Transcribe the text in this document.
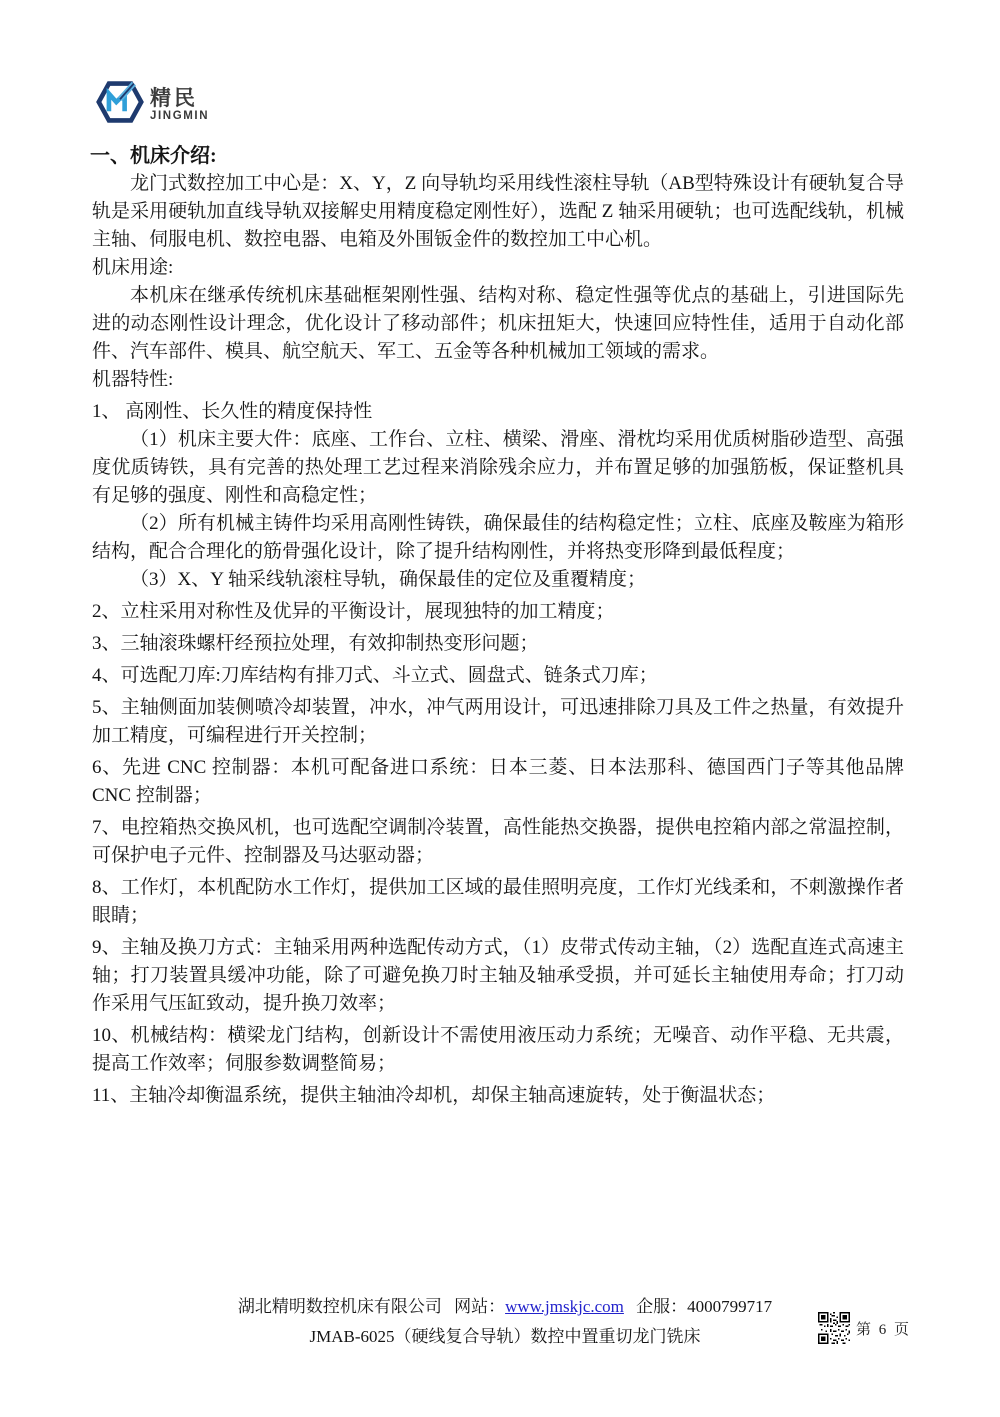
精民
JINGMIN
一、机床介绍:

龙门式数控加工中心是：X、Y，Z 向导轨均采用线性滚柱导轨（AB型特殊设计有硬轨复合导轨是采用硬轨加直线导轨双接解史用精度稳定刚性好），选配 Z 轴采用硬轨；也可选配线轨，机械主轴、伺服电机、数控电器、电箱及外围钣金件的数控加工中心机。

机床用途:

本机床在继承传统机床基础框架刚性强、结构对称、稳定性强等优点的基础上，引进国际先进的动态刚性设计理念，优化设计了移动部件；机床扭矩大，快速回应特性佳，适用于自动化部件、汽车部件、模具、航空航天、军工、五金等各种机械加工领域的需求。

机器特性:

1、 高刚性、长久性的精度保持性

（1）机床主要大件：底座、工作台、立柱、横梁、滑座、滑枕均采用优质树脂砂造型、高强度优质铸铁，具有完善的热处理工艺过程来消除残余应力，并布置足够的加强筋板，保证整机具有足够的强度、刚性和高稳定性；

（2）所有机械主铸件均采用高刚性铸铁，确保最佳的结构稳定性；立柱、底座及鞍座为箱形结构，配合合理化的筋骨强化设计，除了提升结构刚性，并将热变形降到最低程度；

（3）X、Y 轴采线轨滚柱导轨，确保最佳的定位及重覆精度；

2、立柱采用对称性及优异的平衡设计，展现独特的加工精度；

3、三轴滚珠螺杆经预拉处理，有效抑制热变形问题；

4、可选配刀库:刀库结构有排刀式、斗立式、圆盘式、链条式刀库；

5、主轴侧面加装侧喷冷却装置，冲水，冲气两用设计，可迅速排除刀具及工件之热量，有效提升加工精度，可编程进行开关控制；

6、先进 CNC 控制器：本机可配备进口系统：日本三菱、日本法那科、德国西门子等其他品牌 CNC 控制器；

7、电控箱热交换风机，也可选配空调制冷装置，高性能热交换器，提供电控箱内部之常温控制，可保护电子元件、控制器及马达驱动器；

8、工作灯，本机配防水工作灯，提供加工区域的最佳照明亮度，工作灯光线柔和，不刺激操作者眼睛；

9、主轴及换刀方式：主轴采用两种选配传动方式，（1）皮带式传动主轴，（2）选配直连式高速主轴；打刀装置具缓冲功能，除了可避免换刀时主轴及轴承受损，并可延长主轴使用寿命；打刀动作采用气压缸致动，提升换刀效率；

10、机械结构：横梁龙门结构，创新设计不需使用液压动力系统；无噪音、动作平稳、无共震，提高工作效率；伺服参数调整简易；

11、主轴冷却衡温系统，提供主轴油冷却机，却保主轴高速旋转，处于衡温状态；

湖北精明数控机床有限公司 网站：www.jmskjc.com 企服：4000799717
JMAB-6025（硬线复合导轨）数控中置重切龙门铣床	第 6 页
